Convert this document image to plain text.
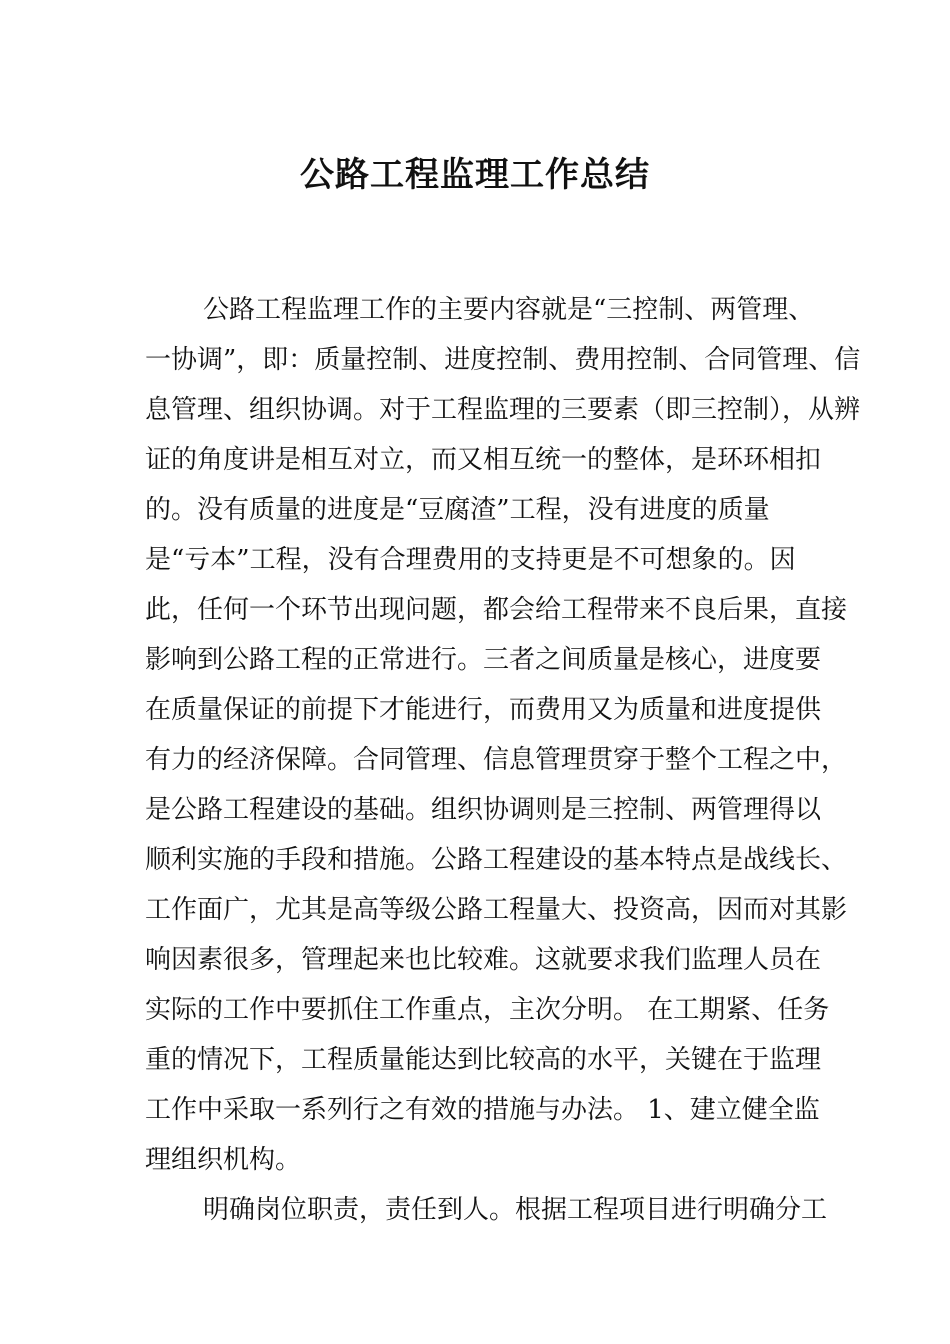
公路工程监理工作总结
公路工程监理工作的主要内容就是“三控制、两管理、
一协调”，即：质量控制、进度控制、费用控制、合同管理、信
息管理、组织协调。对于工程监理的三要素（即三控制），从辨
证的角度讲是相互对立，而又相互统一的整体，是环环相扣
的。没有质量的进度是“豆腐渣”工程，没有进度的质量
是“亏本”工程，没有合理费用的支持更是不可想象的。因
此，任何一个环节出现问题，都会给工程带来不良后果，直接
影响到公路工程的正常进行。三者之间质量是核心，进度要
在质量保证的前提下才能进行，而费用又为质量和进度提供
有力的经济保障。合同管理、信息管理贯穿于整个工程之中，
是公路工程建设的基础。组织协调则是三控制、两管理得以
顺利实施的手段和措施。公路工程建设的基本特点是战线长、
工作面广，尤其是高等级公路工程量大、投资高，因而对其影
响因素很多，管理起来也比较难。这就要求我们监理人员在
实际的工作中要抓住工作重点，主次分明。 在工期紧、任务
重的情况下，工程质量能达到比较高的水平，关键在于监理
工作中采取一系列行之有效的措施与办法。 1、建立健全监
理组织机构。
明确岗位职责，责任到人。根据工程项目进行明确分工
